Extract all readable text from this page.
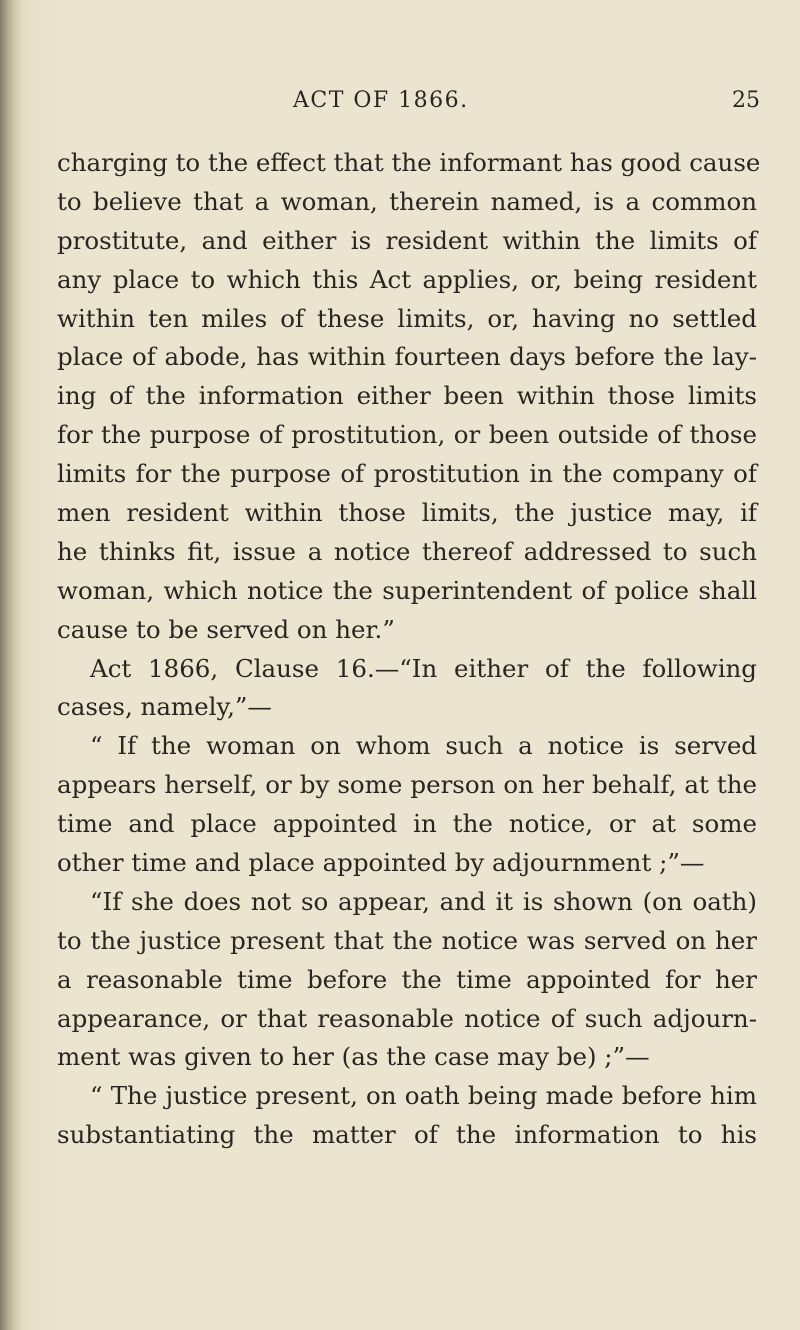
ACT OF 1866.	25
charging to the effect that the informant has good cause
to believe that a woman, therein named, is a common
prostitute, and either is resident within the limits of
any place to which this Act applies, or, being resident
within ten miles of these limits, or, having no settled
place of abode, has within fourteen days before the lay-
ing of the information either been within those limits
for the purpose of prostitution, or been outside of those
limits for the purpose of prostitution in the company of
men resident within those limits, the justice may, if
he thinks fit, issue a notice thereof addressed to such
woman, which notice the superintendent of police shall
cause to be served on her.”
Act 1866, Clause 16.—“In either of the following
cases, namely,”—
“ If the woman on whom such a notice is served
appears herself, or by some person on her behalf, at the
time and place appointed in the notice, or at some
other time and place appointed by adjournment ;”—
“If she does not so appear, and it is shown (on oath)
to the justice present that the notice was served on her
a reasonable time before the time appointed for her
appearance, or that reasonable notice of such adjourn-
ment was given to her (as the case may be) ;”—
“ The justice present, on oath being made before him
substantiating the matter of the information to his
